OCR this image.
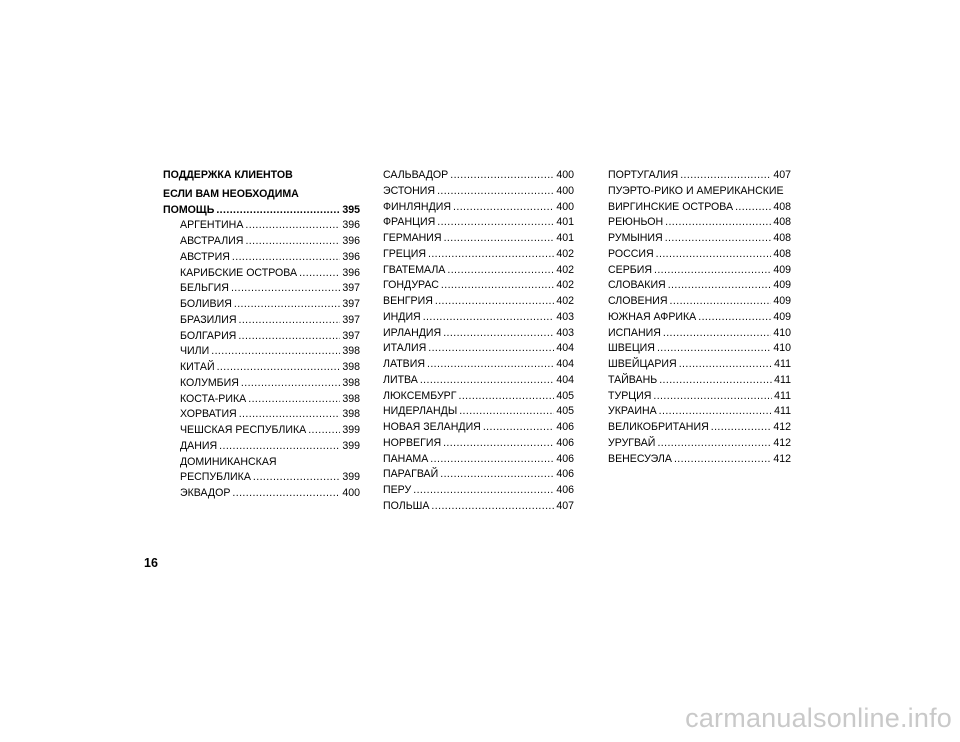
ПОДДЕРЖКА КЛИЕНТОВ
ЕСЛИ ВАМ НЕОБХОДИМА
ПОМОЩЬ .....	395
АРГЕНТИНА .....	396
АВСТРАЛИЯ .....	396
АВСТРИЯ .....	396
КАРИБСКИЕ ОСТРОВА .....	396
БЕЛЬГИЯ .....	397
БОЛИВИЯ .....	397
БРАЗИЛИЯ .....	397
БОЛГАРИЯ .....	397
ЧИЛИ .....	398
КИТАЙ .....	398
КОЛУМБИЯ .....	398
КОСТА-РИКА .....	398
ХОРВАТИЯ .....	398
ЧЕШСКАЯ РЕСПУБЛИКА .....	399
ДАНИЯ .....	399
ДОМИНИКАНСКАЯ
РЕСПУБЛИКА .....	399
ЭКВАДОР .....	400
САЛЬВАДОР .....	400
ЭСТОНИЯ .....	400
ФИНЛЯНДИЯ .....	400
ФРАНЦИЯ .....	401
ГЕРМАНИЯ .....	401
ГРЕЦИЯ .....	402
ГВАТЕМАЛА .....	402
ГОНДУРАС .....	402
ВЕНГРИЯ .....	402
ИНДИЯ .....	403
ИРЛАНДИЯ .....	403
ИТАЛИЯ .....	404
ЛАТВИЯ .....	404
ЛИТВА .....	404
ЛЮКСЕМБУРГ .....	405
НИДЕРЛАНДЫ .....	405
НОВАЯ ЗЕЛАНДИЯ .....	406
НОРВЕГИЯ .....	406
ПАНАМА .....	406
ПАРАГВАЙ .....	406
ПЕРУ .....	406
ПОЛЬША .....	407
ПОРТУГАЛИЯ .....	407
ПУЭРТО-РИКО И АМЕРИКАНСКИЕ
ВИРГИНСКИЕ ОСТРОВА .....	408
РЕЮНЬОН .....	408
РУМЫНИЯ .....	408
РОССИЯ .....	408
СЕРБИЯ .....	409
СЛОВАКИЯ .....	409
СЛОВЕНИЯ .....	409
ЮЖНАЯ АФРИКА .....	409
ИСПАНИЯ .....	410
ШВЕЦИЯ .....	410
ШВЕЙЦАРИЯ .....	411
ТАЙВАНЬ .....	411
ТУРЦИЯ .....	411
УКРАИНА .....	411
ВЕЛИКОБРИТАНИЯ .....	412
УРУГВАЙ .....	412
ВЕНЕСУЭЛА .....	412
16
carmanualsonline.info
